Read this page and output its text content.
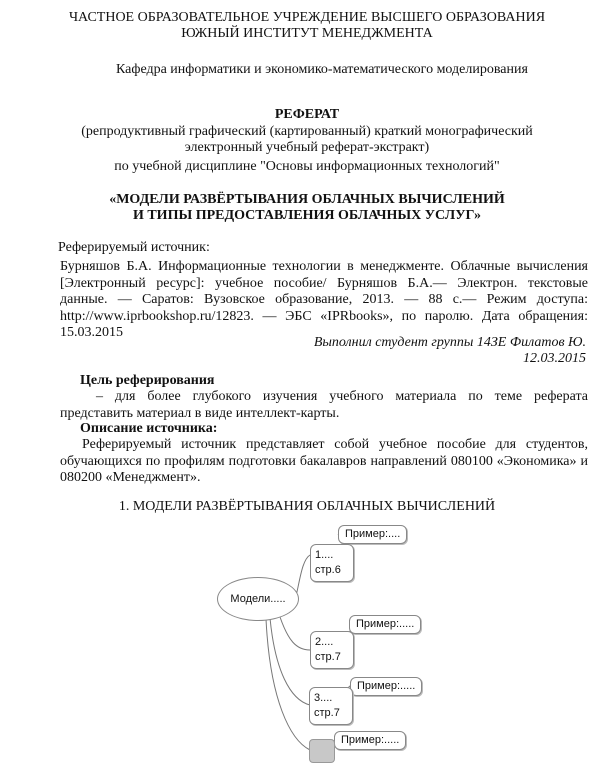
ЧАСТНОЕ ОБРАЗОВАТЕЛЬНОЕ УЧРЕЖДЕНИЕ ВЫСШЕГО ОБРАЗОВАНИЯ
ЮЖНЫЙ ИНСТИТУТ МЕНЕДЖМЕНТА
Кафедра информатики и экономико-математического моделирования
РЕФЕРАТ
(репродуктивный графический (картированный) краткий монографический
электронный учебный реферат-экстракт)
по учебной дисциплине "Основы информационных технологий"
«МОДЕЛИ РАЗВЁРТЫВАНИЯ ОБЛАЧНЫХ ВЫЧИСЛЕНИЙ
И ТИПЫ ПРЕДОСТАВЛЕНИЯ ОБЛАЧНЫХ УСЛУГ»
Реферируемый источник:
Бурняшов Б.А. Информационные технологии в менеджменте. Облачные вычисления [Электронный ресурс]: учебное пособие/ Бурняшов Б.А.— Электрон. текстовые данные. — Саратов: Вузовское образование, 2013. — 88 с.— Режим доступа: http://www.iprbookshop.ru/12823. — ЭБС «IPRbooks», по паролю. Дата обращения: 15.03.2015
Выполнил студент группы 14ЗЕ Филатов Ю.
12.03.2015
Цель реферирования
– для более глубокого изучения учебного материала по теме реферата представить материал в виде интеллект-карты.
Описание источника:
Реферируемый источник представляет собой учебное пособие для студентов, обучающихся по профилям подготовки бакалавров направлений 080100 «Экономика» и 080200 «Менеджмент».
1. МОДЕЛИ РАЗВЁРТЫВАНИЯ ОБЛАЧНЫХ ВЫЧИСЛЕНИЙ
Модели.....
Пример:....
1....
стр.6
Пример:.....
2....
стр.7
Пример:.....
3....
стр.7
Пример:.....
